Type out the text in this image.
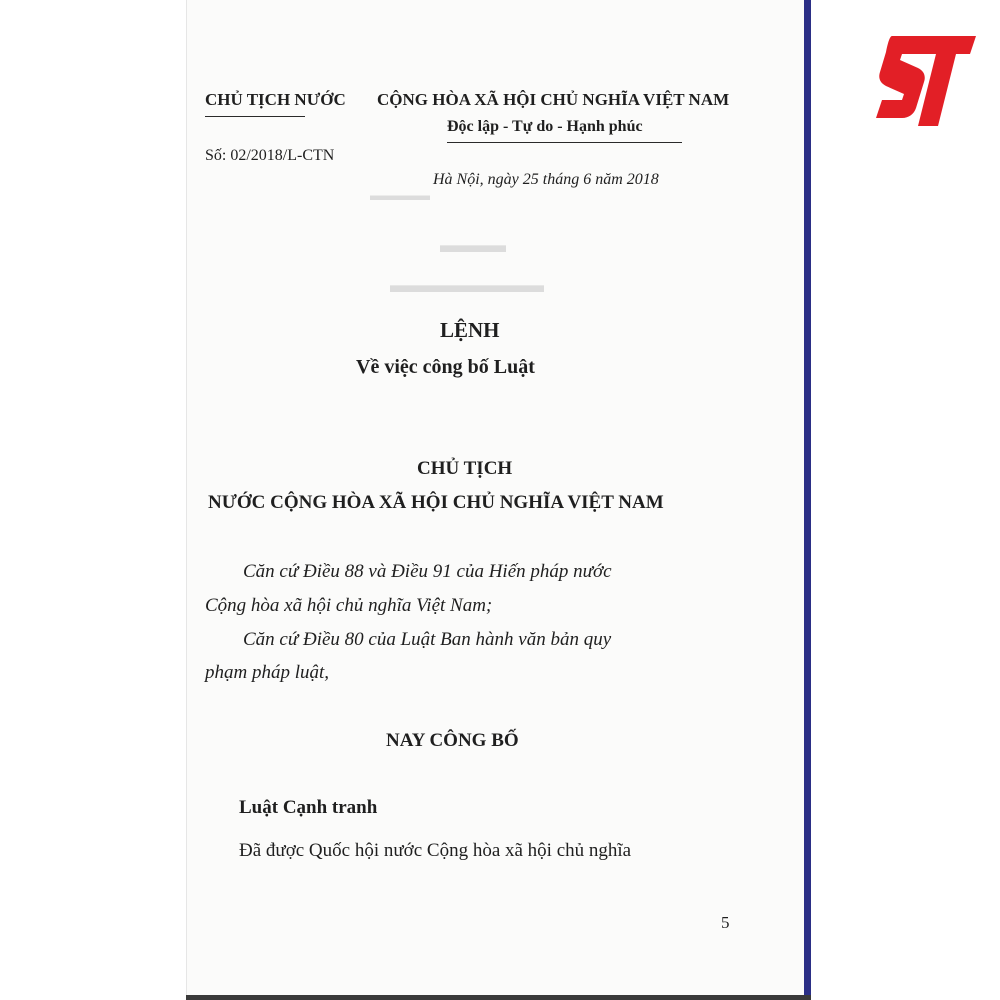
▬▬▬▬
▬▬▬
▬▬▬▬▬▬▬
CHỦ TỊCH NƯỚC CỘNG HÒA XÃ HỘI CHỦ NGHĨA VIỆT NAM
Độc lập - Tự do - Hạnh phúc
Số: 02/2018/L-CTN
Hà Nội, ngày 25 tháng 6 năm 2018
LỆNH
Về việc công bố Luật
CHỦ TỊCH
NƯỚC CỘNG HÒA XÃ HỘI CHỦ NGHĨA VIỆT NAM
Căn cứ Điều 88 và Điều 91 của Hiến pháp nước
Cộng hòa xã hội chủ nghĩa Việt Nam;
Căn cứ Điều 80 của Luật Ban hành văn bản quy
phạm pháp luật,
NAY CÔNG BỐ
Luật Cạnh tranh
Đã được Quốc hội nước Cộng hòa xã hội chủ nghĩa
5
